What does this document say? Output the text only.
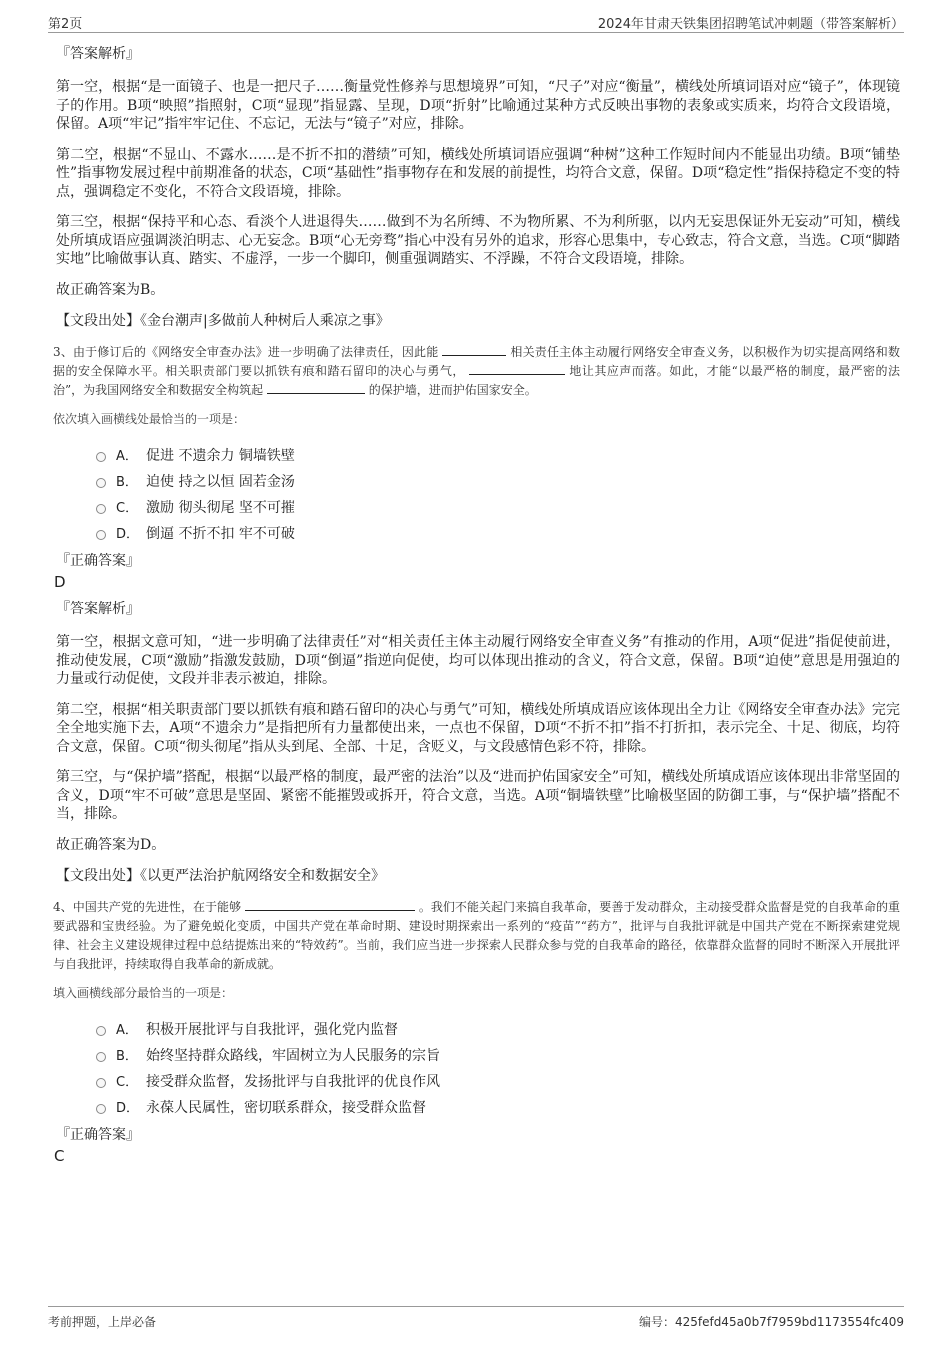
第2页	2024年甘肃天铁集团招聘笔试冲刺题（带答案解析）
『答案解析』

第一空，根据“是一面镜子、也是一把尺子……衡量党性修养与思想境界”可知，“尺子”对应“衡量”，横线处所填词语对应“镜子”，体现镜子的作用。B项“映照”指照射，C项“显现”指显露、呈现，D项“折射”比喻通过某种方式反映出事物的表象或实质来，均符合文段语境，保留。A项“牢记”指牢牢记住、不忘记，无法与“镜子”对应，排除。

第二空，根据“不显山、不露水……是不折不扣的潜绩”可知，横线处所填词语应强调“种树”这种工作短时间内不能显出功绩。B项“铺垫性”指事物发展过程中前期准备的状态，C项“基础性”指事物存在和发展的前提性，均符合文意，保留。D项“稳定性”指保持稳定不变的特点，强调稳定不变化，不符合文段语境，排除。

第三空，根据“保持平和心态、看淡个人进退得失……做到不为名所缚、不为物所累、不为利所驱，以内无妄思保证外无妄动”可知，横线处所填成语应强调淡泊明志、心无妄念。B项“心无旁骛”指心中没有另外的追求，形容心思集中，专心致志，符合文意，当选。C项“脚踏实地”比喻做事认真、踏实、不虚浮，一步一个脚印，侧重强调踏实、不浮躁，不符合文段语境，排除。

故正确答案为B。

【文段出处】《金台潮声|多做前人种树后人乘凉之事》
3、由于修订后的《网络安全审查办法》进一步明确了法律责任，因此能	相关责任主体主动履行网络安全审查义务，以积极作为切实提高网络和数据的安全保障水平。相关职责部门要以抓铁有痕和踏石留印的决心与勇气，	地让其应声而落。如此，才能“以最严格的制度，最严密的法治”，为我国网络安全和数据安全构筑起	的保护墙，进而护佑国家安全。
依次填入画横线处最恰当的一项是：
A． 促进 不遗余力 铜墙铁壁
B． 迫使 持之以恒 固若金汤
C． 激励 彻头彻尾 坚不可摧
D． 倒逼 不折不扣 牢不可破
『正确答案』
D
『答案解析』

第一空，根据文意可知，“进一步明确了法律责任”对“相关责任主体主动履行网络安全审查义务”有推动的作用，A项“促进”指促使前进，推动使发展，C项“激励”指激发鼓励，D项“倒逼”指逆向促使，均可以体现出推动的含义，符合文意，保留。B项“迫使”意思是用强迫的力量或行动促使，文段并非表示被迫，排除。

第二空，根据“相关职责部门要以抓铁有痕和踏石留印的决心与勇气”可知，横线处所填成语应该体现出全力让《网络安全审查办法》完完全全地实施下去，A项“不遗余力”是指把所有力量都使出来，一点也不保留，D项“不折不扣”指不打折扣，表示完全、十足、彻底，均符合文意，保留。C项“彻头彻尾”指从头到尾、全部、十足，含贬义，与文段感情色彩不符，排除。

第三空，与“保护墙”搭配，根据“以最严格的制度，最严密的法治”以及“进而护佑国家安全”可知，横线处所填成语应该体现出非常坚固的含义，D项“牢不可破”意思是坚固、紧密不能摧毁或拆开，符合文意，当选。A项“铜墙铁壁”比喻极坚固的防御工事，与“保护墙”搭配不当，排除。

故正确答案为D。

【文段出处】《以更严法治护航网络安全和数据安全》
4、中国共产党的先进性，在于能够	。我们不能关起门来搞自我革命，要善于发动群众，主动接受群众监督是党的自我革命的重要武器和宝贵经验。为了避免蜕化变质，中国共产党在革命时期、建设时期探索出一系列的“疫苗”“药方”，批评与自我批评就是中国共产党在不断探索建党规律、社会主义建设规律过程中总结提炼出来的“特效药”。当前，我们应当进一步探索人民群众参与党的自我革命的路径，依靠群众监督的同时不断深入开展批评与自我批评，持续取得自我革命的新成就。
填入画横线部分最恰当的一项是：
A． 积极开展批评与自我批评，强化党内监督
B． 始终坚持群众路线，牢固树立为人民服务的宗旨
C． 接受群众监督，发扬批评与自我批评的优良作风
D． 永葆人民属性，密切联系群众，接受群众监督
『正确答案』
C
考前押题，上岸必备	编号：425fefd45a0b7f7959bd1173554fc409
